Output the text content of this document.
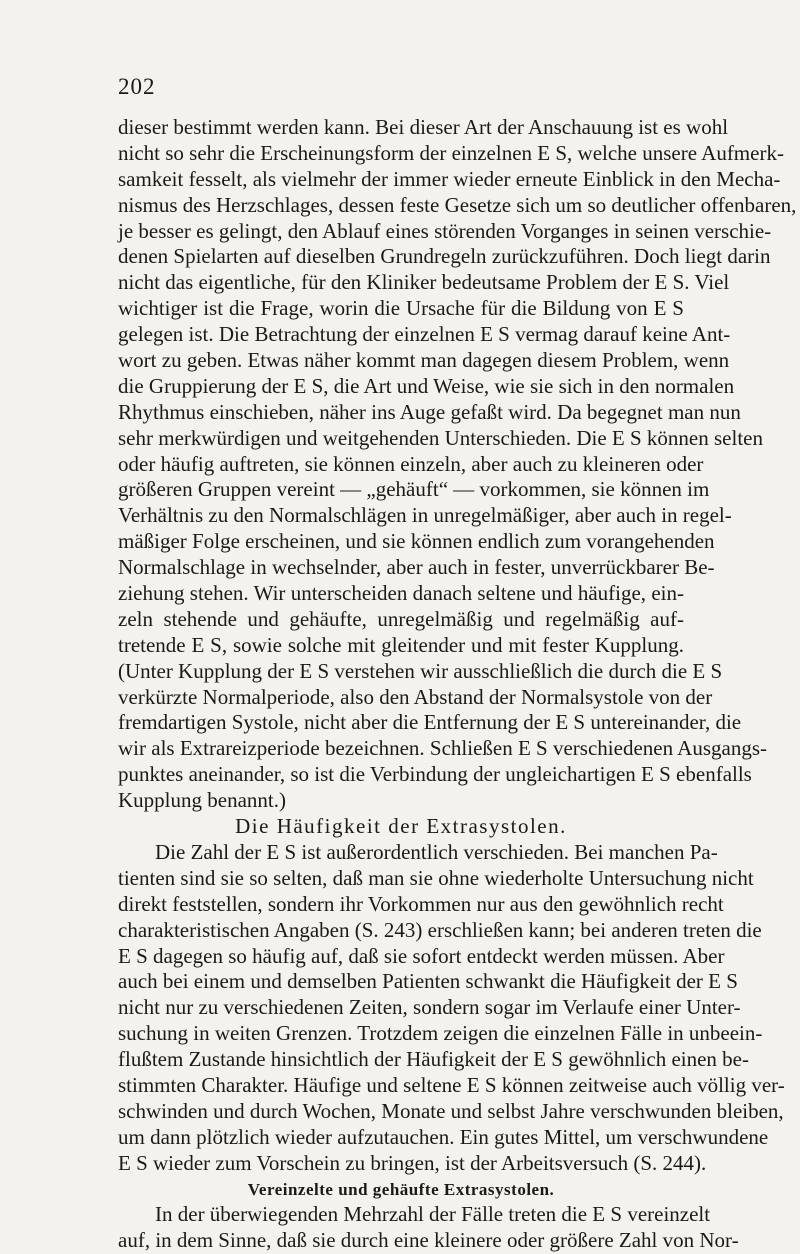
202
dieser bestimmt werden kann. Bei dieser Art der Anschauung ist es wohl
nicht so sehr die Erscheinungsform der einzelnen E S, welche unsere Aufmerk-
samkeit fesselt, als vielmehr der immer wieder erneute Einblick in den Mecha-
nismus des Herzschlages, dessen feste Gesetze sich um so deutlicher offenbaren,
je besser es gelingt, den Ablauf eines störenden Vorganges in seinen verschie-
denen Spielarten auf dieselben Grundregeln zurückzuführen. Doch liegt darin
nicht das eigentliche, für den Kliniker bedeutsame Problem der E S. Viel
wichtiger ist die Frage, worin die Ursache für die Bildung von E S
gelegen ist. Die Betrachtung der einzelnen E S vermag darauf keine Ant-
wort zu geben. Etwas näher kommt man dagegen diesem Problem, wenn
die Gruppierung der E S, die Art und Weise, wie sie sich in den normalen
Rhythmus einschieben, näher ins Auge gefaßt wird. Da begegnet man nun
sehr merkwürdigen und weitgehenden Unterschieden. Die E S können selten
oder häufig auftreten, sie können einzeln, aber auch zu kleineren oder
größeren Gruppen vereint — „gehäuft“ — vorkommen, sie können im
Verhältnis zu den Normalschlägen in unregelmäßiger, aber auch in regel-
mäßiger Folge erscheinen, und sie können endlich zum vorangehenden
Normalschlage in wechselnder, aber auch in fester, unverrückbarer Be-
ziehung stehen. Wir unterscheiden danach seltene und häufige, ein-
zeln stehende und gehäufte, unregelmäßig und regelmäßig auf-
tretende E S, sowie solche mit gleitender und mit fester Kupplung.
(Unter Kupplung der E S verstehen wir ausschließlich die durch die E S
verkürzte Normalperiode, also den Abstand der Normalsystole von der
fremdartigen Systole, nicht aber die Entfernung der E S untereinander, die
wir als Extrareizperiode bezeichnen. Schließen E S verschiedenen Ausgangs-
punktes aneinander, so ist die Verbindung der ungleichartigen E S ebenfalls
Kupplung benannt.)
Die Häufigkeit der Extrasystolen.
Die Zahl der E S ist außerordentlich verschieden. Bei manchen Pa-
tienten sind sie so selten, daß man sie ohne wiederholte Untersuchung nicht
direkt feststellen, sondern ihr Vorkommen nur aus den gewöhnlich recht
charakteristischen Angaben (S. 243) erschließen kann; bei anderen treten die
E S dagegen so häufig auf, daß sie sofort entdeckt werden müssen. Aber
auch bei einem und demselben Patienten schwankt die Häufigkeit der E S
nicht nur zu verschiedenen Zeiten, sondern sogar im Verlaufe einer Unter-
suchung in weiten Grenzen. Trotzdem zeigen die einzelnen Fälle in unbeein-
flußtem Zustande hinsichtlich der Häufigkeit der E S gewöhnlich einen be-
stimmten Charakter. Häufige und seltene E S können zeitweise auch völlig ver-
schwinden und durch Wochen, Monate und selbst Jahre verschwunden bleiben,
um dann plötzlich wieder aufzutauchen. Ein gutes Mittel, um verschwundene
E S wieder zum Vorschein zu bringen, ist der Arbeitsversuch (S. 244).
Vereinzelte und gehäufte Extrasystolen.
In der überwiegenden Mehrzahl der Fälle treten die E S vereinzelt
auf, in dem Sinne, daß sie durch eine kleinere oder größere Zahl von Nor-
